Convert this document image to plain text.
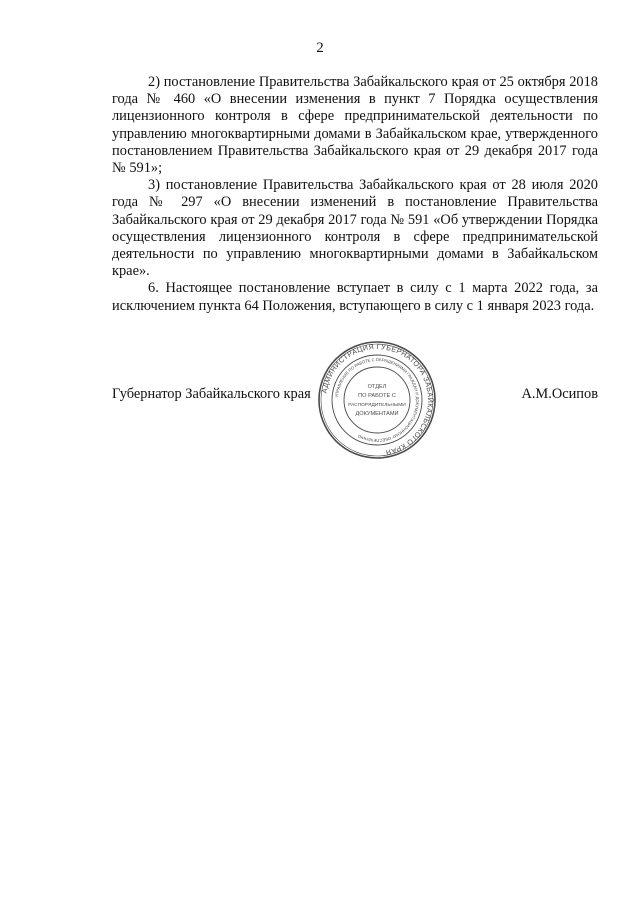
2

2) постановление Правительства Забайкальского края от 25 октября 2018 года № 460 «О внесении изменения в пункт 7 Порядка осуществления лицензионного контроля в сфере предпринимательской деятельности по управлению многоквартирными домами в Забайкальском крае, утвержденного постановлением Правительства Забайкальского края от 29 декабря 2017 года № 591»;

3) постановление Правительства Забайкальского края от 28 июля 2020 года № 297 «О внесении изменений в постановление Правительства Забайкальского края от 29 декабря 2017 года № 591 «Об утверждении Порядка осуществления лицензионного контроля в сфере предпринимательской деятельности по управлению многоквартирными домами в Забайкальском крае».

6. Настоящее постановление вступает в силу с 1 марта 2022 года, за исключением пункта 64 Положения, вступающего в силу с 1 января 2023 года.

Губернатор Забайкальского края	А.М.Осипов
АДМИНИСТРАЦИЯ ГУБЕРНАТОРА ЗАБАЙКАЛЬСКОГО КРАЯ
УПРАВЛЕНИЕ ПО РАБОТЕ С ОБРАЩЕНИЯМИ ГРАЖДАН И ДОКУМЕНТАЦИОННОМУ ОБЕСПЕЧЕНИЮ
ОТДЕЛ
ПО РАБОТЕ С
РАСПОРЯДИТЕЛЬНЫМИ
ДОКУМЕНТАМИ
